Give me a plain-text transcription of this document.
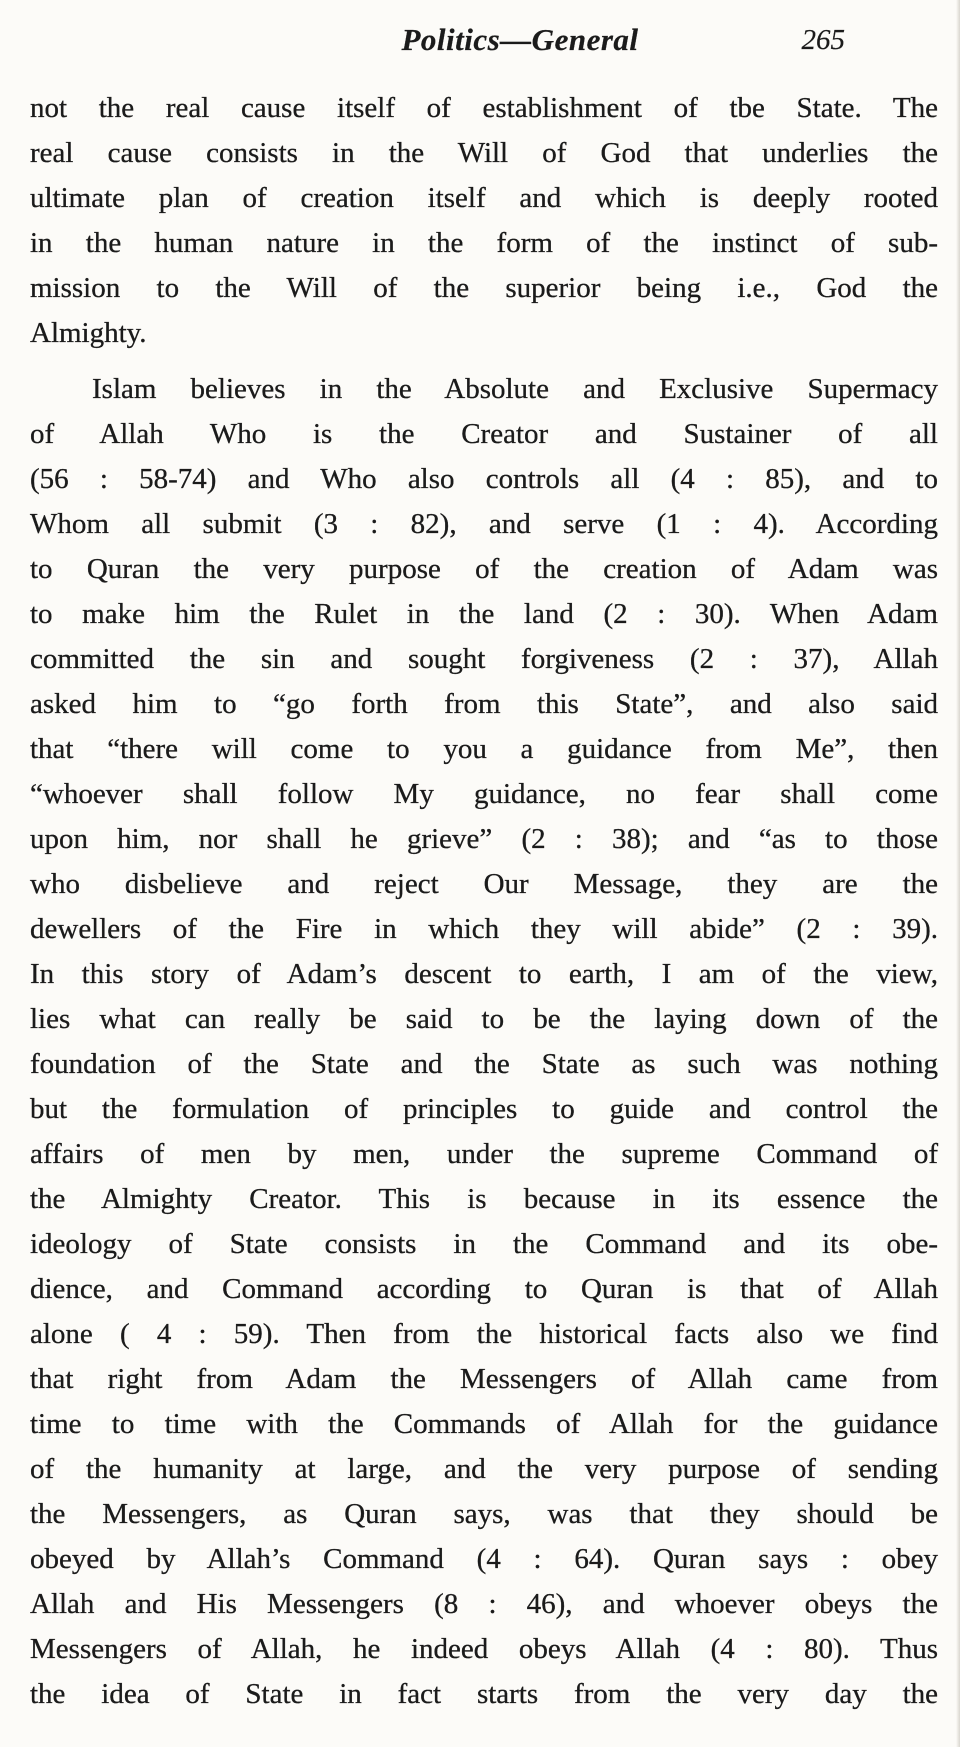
Politics—General	265
not the real cause itself of establishment of tbe State. The
real cause consists in the Will of God that underlies the
ultimate plan of creation itself and which is deeply rooted
in the human nature in the form of the instinct of sub-
mission to the Will of the superior being i.e., God the
Almighty.
Islam believes in the Absolute and Exclusive Supermacy
of Allah Who is the Creator and Sustainer of all
(56 : 58-74) and Who also controls all (4 : 85), and to
Whom all submit (3 : 82), and serve (1 : 4). According
to Quran the very purpose of the creation of Adam was
to make him the Rulet in the land (2 : 30). When Adam
committed the sin and sought forgiveness (2 : 37), Allah
asked him to “go forth from this State”, and also said
that “there will come to you a guidance from Me”, then
“whoever shall follow My guidance, no fear shall come
upon him, nor shall he grieve” (2 : 38); and “as to those
who disbelieve and reject Our Message, they are the
dewellers of the Fire in which they will abide” (2 : 39).
In this story of Adam’s descent to earth, I am of the view,
lies what can really be said to be the laying down of the
foundation of the State and the State as such was nothing
but the formulation of principles to guide and control the
affairs of men by men, under the supreme Command of
the Almighty Creator. This is because in its essence the
ideology of State consists in the Command and its obe-
dience, and Command according to Quran is that of Allah
alone ( 4 : 59). Then from the historical facts also we find
that right from Adam the Messengers of Allah came from
time to time with the Commands of Allah for the guidance
of the humanity at large, and the very purpose of sending
the Messengers, as Quran says, was that they should be
obeyed by Allah’s Command (4 : 64). Quran says : obey
Allah and His Messengers (8 : 46), and whoever obeys the
Messengers of Allah, he indeed obeys Allah (4 : 80). Thus
the idea of State in fact starts from the very day the
